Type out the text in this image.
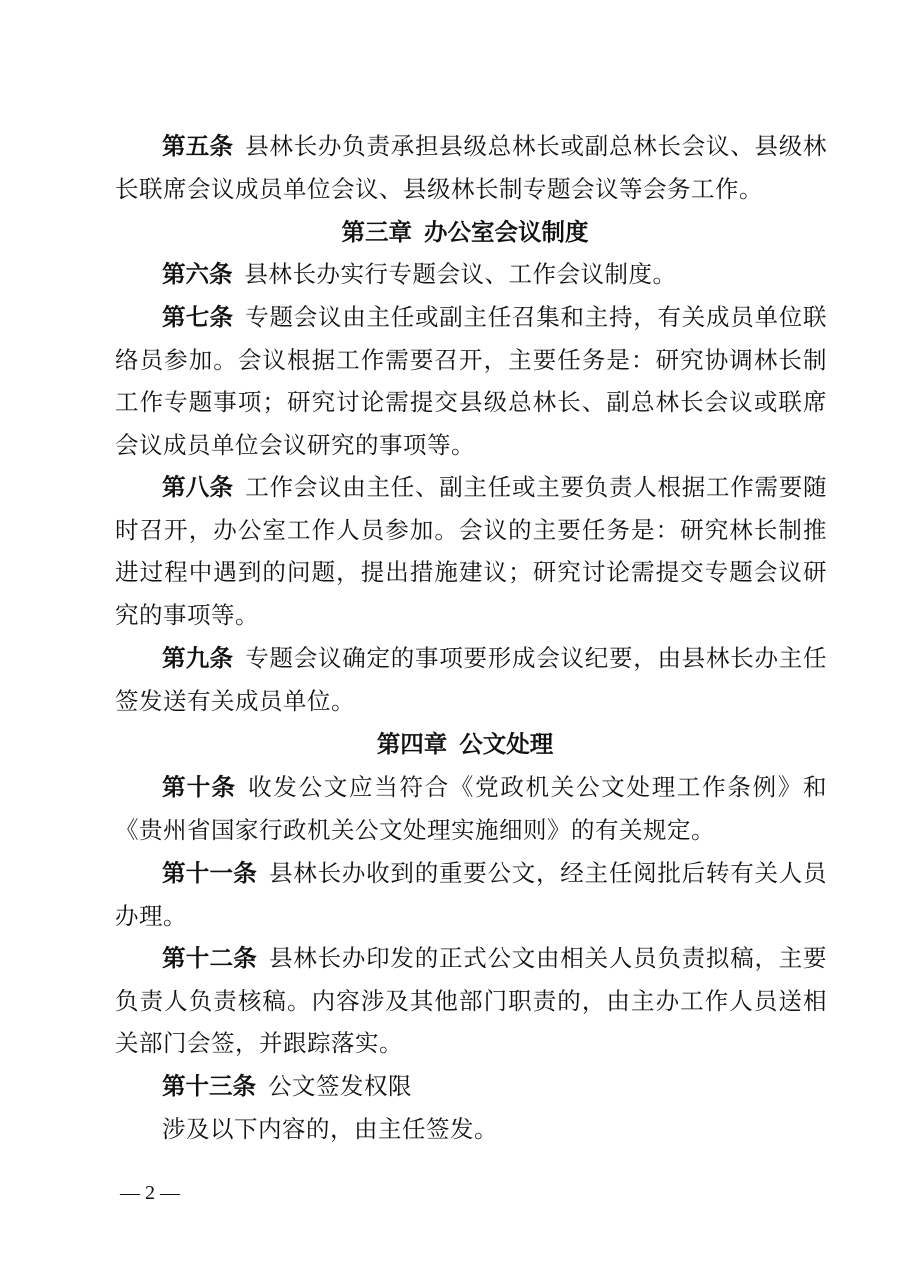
第五条 县林长办负责承担县级总林长或副总林长会议、县级林长联席会议成员单位会议、县级林长制专题会议等会务工作。

第三章 办公室会议制度

第六条 县林长办实行专题会议、工作会议制度。

第七条 专题会议由主任或副主任召集和主持，有关成员单位联络员参加。会议根据工作需要召开，主要任务是：研究协调林长制工作专题事项；研究讨论需提交县级总林长、副总林长会议或联席会议成员单位会议研究的事项等。

第八条 工作会议由主任、副主任或主要负责人根据工作需要随时召开，办公室工作人员参加。会议的主要任务是：研究林长制推进过程中遇到的问题，提出措施建议；研究讨论需提交专题会议研究的事项等。

第九条 专题会议确定的事项要形成会议纪要，由县林长办主任签发送有关成员单位。

第四章 公文处理

第十条 收发公文应当符合《党政机关公文处理工作条例》和《贵州省国家行政机关公文处理实施细则》的有关规定。

第十一条 县林长办收到的重要公文，经主任阅批后转有关人员办理。

第十二条 县林长办印发的正式公文由相关人员负责拟稿，主要负责人负责核稿。内容涉及其他部门职责的，由主办工作人员送相关部门会签，并跟踪落实。

第十三条 公文签发权限

涉及以下内容的，由主任签发。

— 2 —
